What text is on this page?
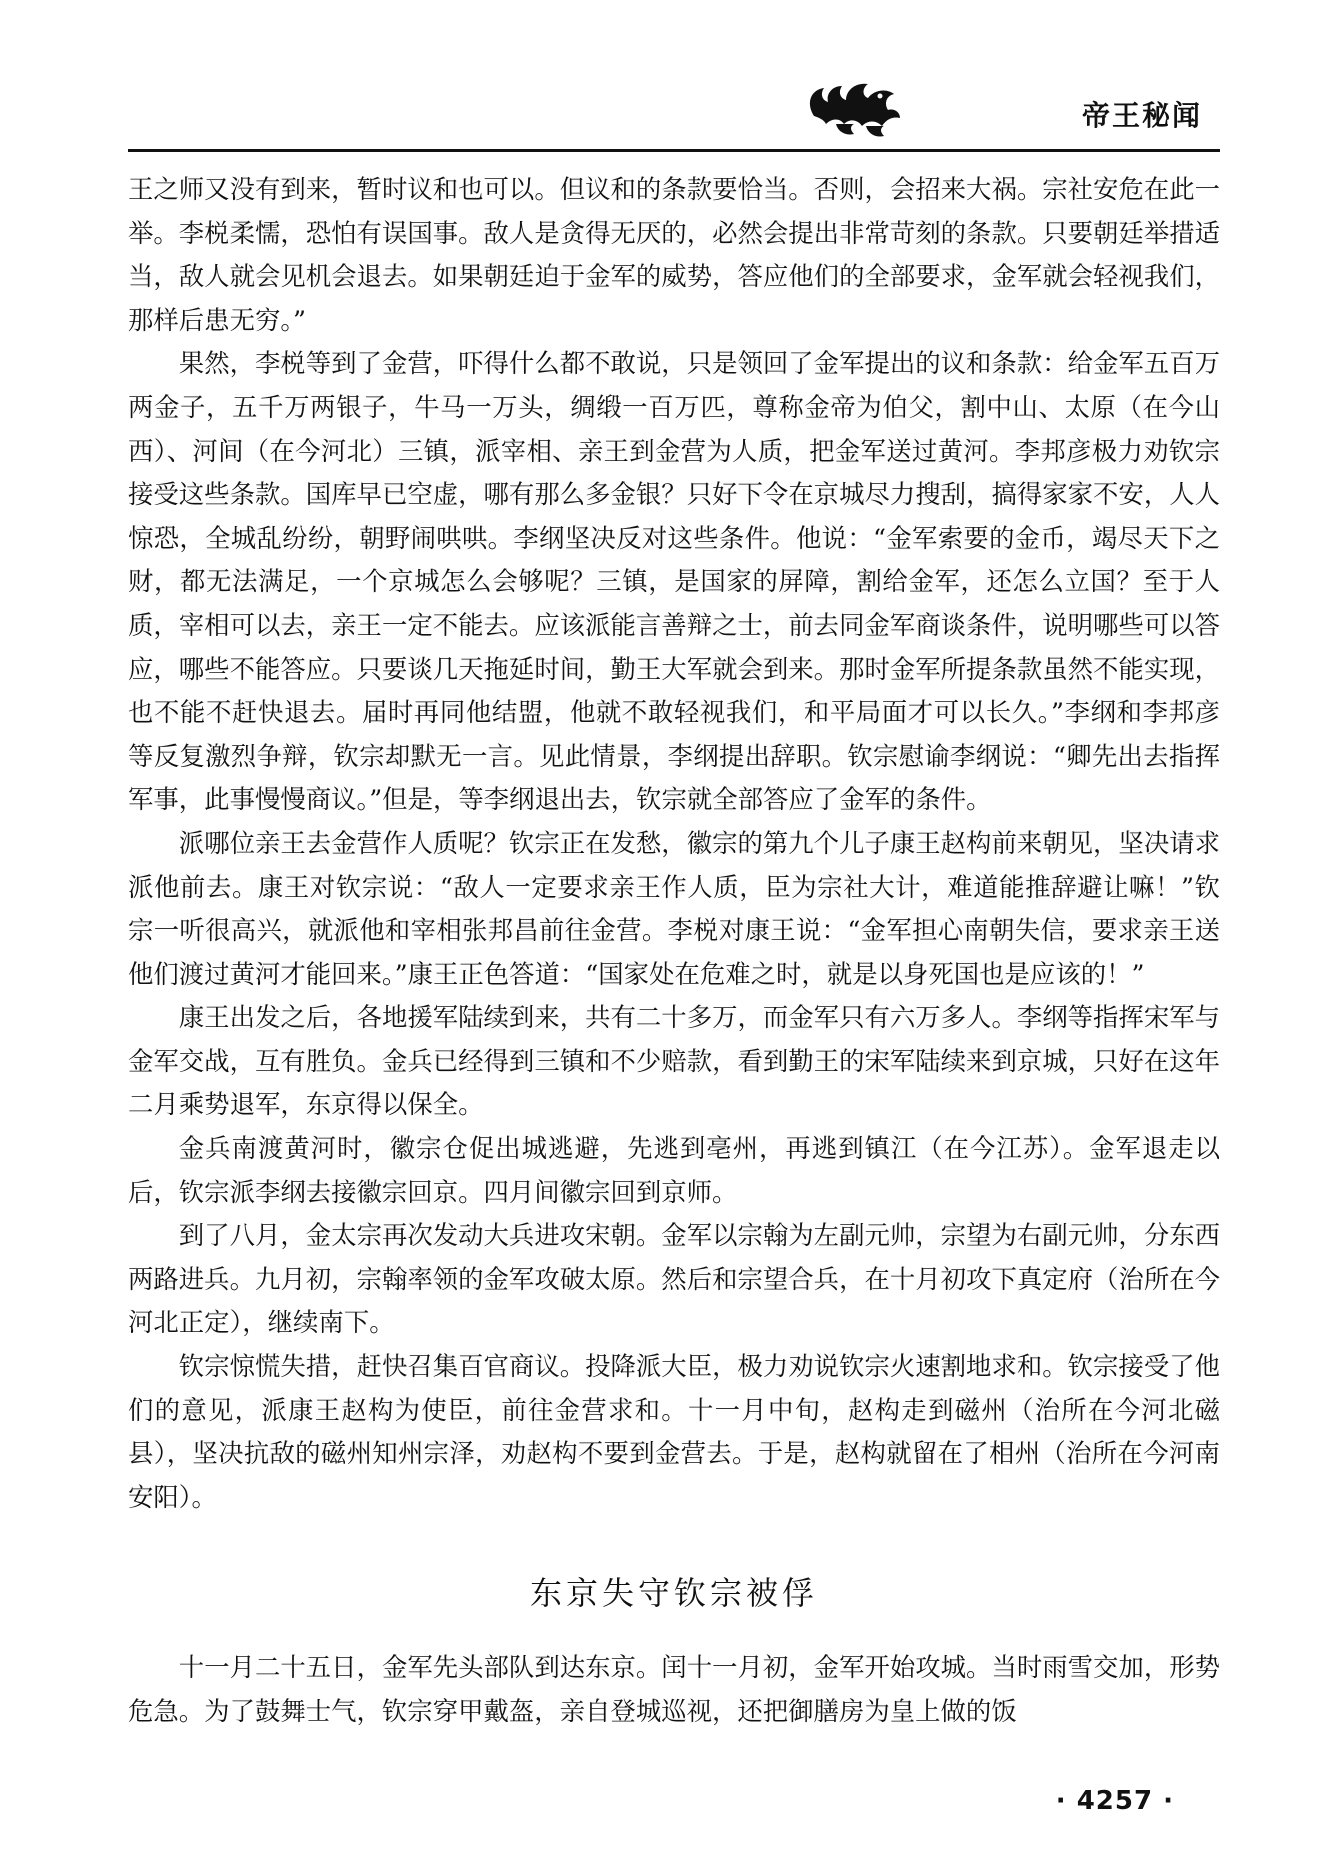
帝王秘闻

王之师又没有到来，暂时议和也可以。但议和的条款要恰当。否则，会招来大祸。宗社安危在此一举。李棁柔懦，恐怕有误国事。敌人是贪得无厌的，必然会提出非常苛刻的条款。只要朝廷举措适当，敌人就会见机会退去。如果朝廷迫于金军的威势，答应他们的全部要求，金军就会轻视我们，那样后患无穷。”

果然，李棁等到了金营，吓得什么都不敢说，只是领回了金军提出的议和条款：给金军五百万两金子，五千万两银子，牛马一万头，绸缎一百万匹，尊称金帝为伯父，割中山、太原（在今山西）、河间（在今河北）三镇，派宰相、亲王到金营为人质，把金军送过黄河。李邦彦极力劝钦宗接受这些条款。国库早已空虚，哪有那么多金银？只好下令在京城尽力搜刮，搞得家家不安，人人惊恐，全城乱纷纷，朝野闹哄哄。李纲坚决反对这些条件。他说：“金军索要的金币，竭尽天下之财，都无法满足，一个京城怎么会够呢？三镇，是国家的屏障，割给金军，还怎么立国？至于人质，宰相可以去，亲王一定不能去。应该派能言善辩之士，前去同金军商谈条件，说明哪些可以答应，哪些不能答应。只要谈几天拖延时间，勤王大军就会到来。那时金军所提条款虽然不能实现，也不能不赶快退去。届时再同他结盟，他就不敢轻视我们，和平局面才可以长久。”李纲和李邦彦等反复激烈争辩，钦宗却默无一言。见此情景，李纲提出辞职。钦宗慰谕李纲说：“卿先出去指挥军事，此事慢慢商议。”但是，等李纲退出去，钦宗就全部答应了金军的条件。

派哪位亲王去金营作人质呢？钦宗正在发愁，徽宗的第九个儿子康王赵构前来朝见，坚决请求派他前去。康王对钦宗说：“敌人一定要求亲王作人质，臣为宗社大计，难道能推辞避让嘛！”钦宗一听很高兴，就派他和宰相张邦昌前往金营。李棁对康王说：“金军担心南朝失信，要求亲王送他们渡过黄河才能回来。”康王正色答道：“国家处在危难之时，就是以身死国也是应该的！”

康王出发之后，各地援军陆续到来，共有二十多万，而金军只有六万多人。李纲等指挥宋军与金军交战，互有胜负。金兵已经得到三镇和不少赔款，看到勤王的宋军陆续来到京城，只好在这年二月乘势退军，东京得以保全。

金兵南渡黄河时，徽宗仓促出城逃避，先逃到亳州，再逃到镇江（在今江苏）。金军退走以后，钦宗派李纲去接徽宗回京。四月间徽宗回到京师。

到了八月，金太宗再次发动大兵进攻宋朝。金军以宗翰为左副元帅，宗望为右副元帅，分东西两路进兵。九月初，宗翰率领的金军攻破太原。然后和宗望合兵，在十月初攻下真定府（治所在今河北正定），继续南下。

钦宗惊慌失措，赶快召集百官商议。投降派大臣，极力劝说钦宗火速割地求和。钦宗接受了他们的意见，派康王赵构为使臣，前往金营求和。十一月中旬，赵构走到磁州（治所在今河北磁县），坚决抗敌的磁州知州宗泽，劝赵构不要到金营去。于是，赵构就留在了相州（治所在今河南安阳）。

东京失守钦宗被俘

十一月二十五日，金军先头部队到达东京。闰十一月初，金军开始攻城。当时雨雪交加，形势危急。为了鼓舞士气，钦宗穿甲戴盔，亲自登城巡视，还把御膳房为皇上做的饭

· 4257 ·
